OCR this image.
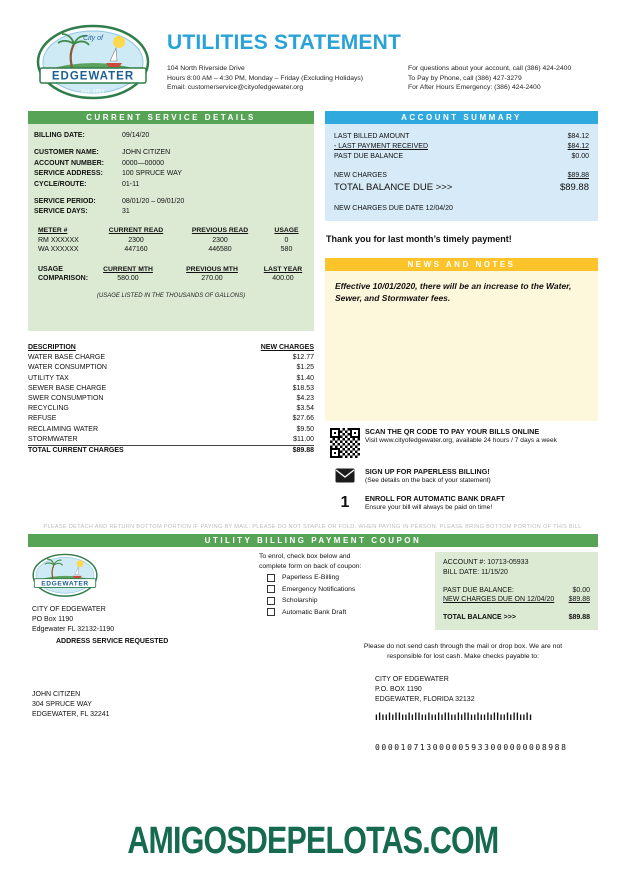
City of
EDGEWATER
Est. 1951
UTILITIES STATEMENT
104 North Riverside Drive
Hours 8:00 AM – 4:30 PM, Monday – Friday (Excluding Holidays)
Email: customerservice@cityofedgewater.org
For questions about your account, call (386) 424-2400
To Pay by Phone, call (386) 427-3279
For After Hours Emergency: (386) 424-2400
CURRENT SERVICE DETAILS
BILLING DATE:	09/14/20
CUSTOMER NAME:	JOHN CITIZEN
ACCOUNT NUMBER:	0000—00000
SERVICE ADDRESS:	100 SPRUCE WAY
CYCLE/ROUTE:	01-11
SERVICE PERIOD:	08/01/20 – 09/01/20
SERVICE DAYS:	31
METER #	CURRENT READ	PREVIOUS READ	USAGE
RM XXXXXX	2300	2300	0
WA XXXXXX	447160	446580	580
USAGE
COMPARISON:
CURRENT MTH	PREVIOUS MTH	LAST YEAR
580.00	270.00	400.00
(USAGE LISTED IN THE THOUSANDS OF GALLONS)
DESCRIPTION	NEW CHARGES
WATER BASE CHARGE	$12.77
WATER CONSUMPTION	$1.25
UTILITY TAX	$1.40
SEWER BASE CHARGE	$18.53
SWER CONSUMPTION	$4.23
RECYCLING	$3.54
REFUSE	$27.66
RECLAIMING WATER	$9.50
STORMWATER	$11.00
TOTAL CURRENT CHARGES	$89.88
ACCOUNT SUMMARY
LAST BILLED AMOUNT	$84.12
- LAST PAYMENT RECEIVED	$84.12
PAST DUE BALANCE	$0.00
NEW CHARGES	$89.88
TOTAL BALANCE DUE >>>	$89.88
NEW CHARGES DUE DATE 12/04/20
Thank you for last month’s timely payment!
NEWS AND NOTES
Effective 10/01/2020, there will be an increase to the Water, Sewer, and Stormwater fees.
SCAN THE QR CODE TO PAY YOUR BILLS ONLINE
Visit www.cityofedgewater.org, available 24 hours / 7 days a week
SIGN UP FOR PAPERLESS BILLING!
(See details on the back of your statement)
1 ENROLL FOR AUTOMATIC BANK DRAFT
Ensure your bill will always be paid on time!
PLEASE DETACH AND RETURN BOTTOM PORTION IF PAYING BY MAIL. PLEASE DO NOT STAPLE OR FOLD. WHEN PAYING IN PERSON, PLEASE BRING BOTTOM PORTION OF THIS BILL
UTILITY BILLING PAYMENT COUPON
EDGEWATER
CITY OF EDGEWATER
PO Box 1190
Edgewater FL 32132-1190
ADDRESS SERVICE REQUESTED
To enrol, check box below and
complete form on back of coupon:
Paperless E-Billing
Emergency Notifications
Scholarship
Automatic Bank Draft
ACCOUNT #: 10713-05933
BILL DATE: 11/15/20
PAST DUE BALANCE:	$0.00
NEW CHARGES DUE ON 12/04/20 $89.88
TOTAL BALANCE >>>	$89.88
Please do not send cash through the mail or drop box. We are not
responsible for lost cash. Make checks payable to:
CITY OF EDGEWATER
P.O. BOX 1190
EDGEWATER, FLORIDA 32132
ılıılıllıılıllıılıılıllıılıllıılıılıllıılıllıılı
JOHN CITIZEN
304 SPRUCE WAY
EDGEWATER, FL 32241
000010713000005933000000008988
AMIGOSDEPELOTAS.COM
